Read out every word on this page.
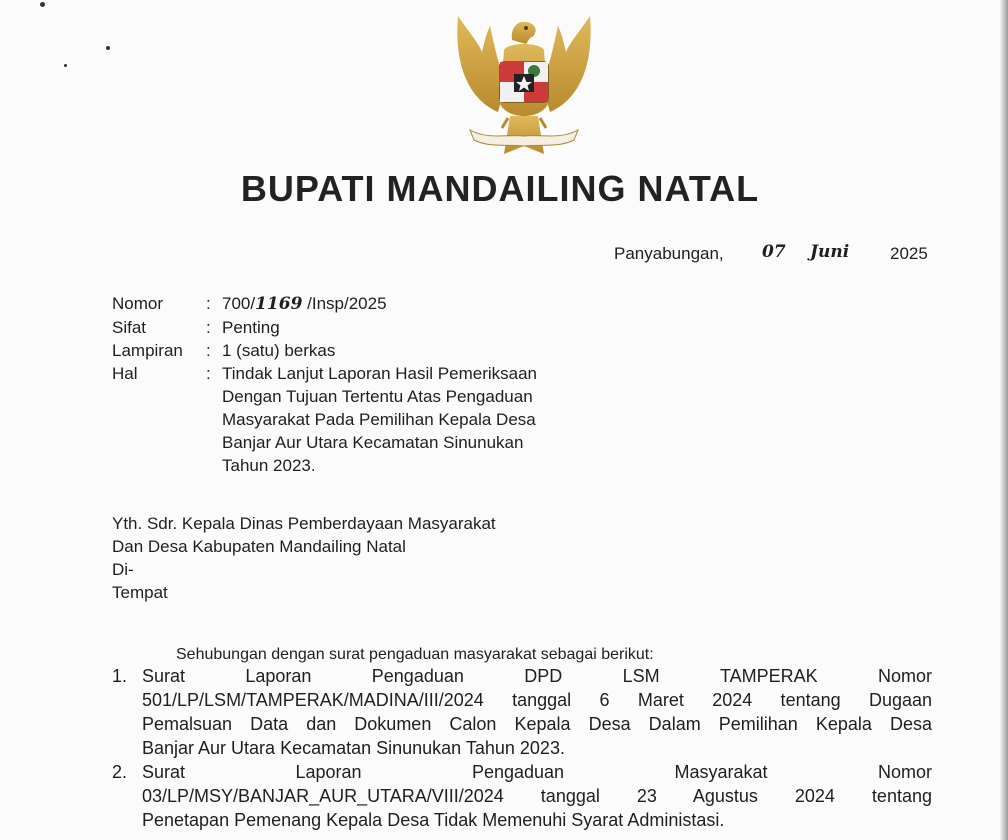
BUPATI MANDAILING NATAL
Panyabungan, 07 Juni 2025
Nomor	: 700/1169 /Insp/2025
Sifat	: Penting
Lampiran	: 1 (satu) berkas
Hal	: Tindak Lanjut Laporan Hasil Pemeriksaan
Dengan Tujuan Tertentu Atas Pengaduan
Masyarakat Pada Pemilihan Kepala Desa
Banjar Aur Utara Kecamatan Sinunukan
Tahun 2023.
Yth. Sdr. Kepala Dinas Pemberdayaan Masyarakat
Dan Desa Kabupaten Mandailing Natal
Di-
Tempat
Sehubungan dengan surat pengaduan masyarakat sebagai berikut:
1. Surat	Laporan	Pengaduan	DPD	LSM	TAMPERAK	Nomor
501/LP/LSM/TAMPERAK/MADINA/III/2024 tanggal 6 Maret 2024 tentang Dugaan
Pemalsuan Data dan Dokumen Calon Kepala Desa Dalam Pemilihan Kepala Desa
Banjar Aur Utara Kecamatan Sinunukan Tahun 2023.
2. Surat	Laporan	Pengaduan	Masyarakat	Nomor
03/LP/MSY/BANJAR_AUR_UTARA/VIII/2024 tanggal 23 Agustus 2024 tentang
Penetapan Pemenang Kepala Desa Tidak Memenuhi Syarat Administasi.
